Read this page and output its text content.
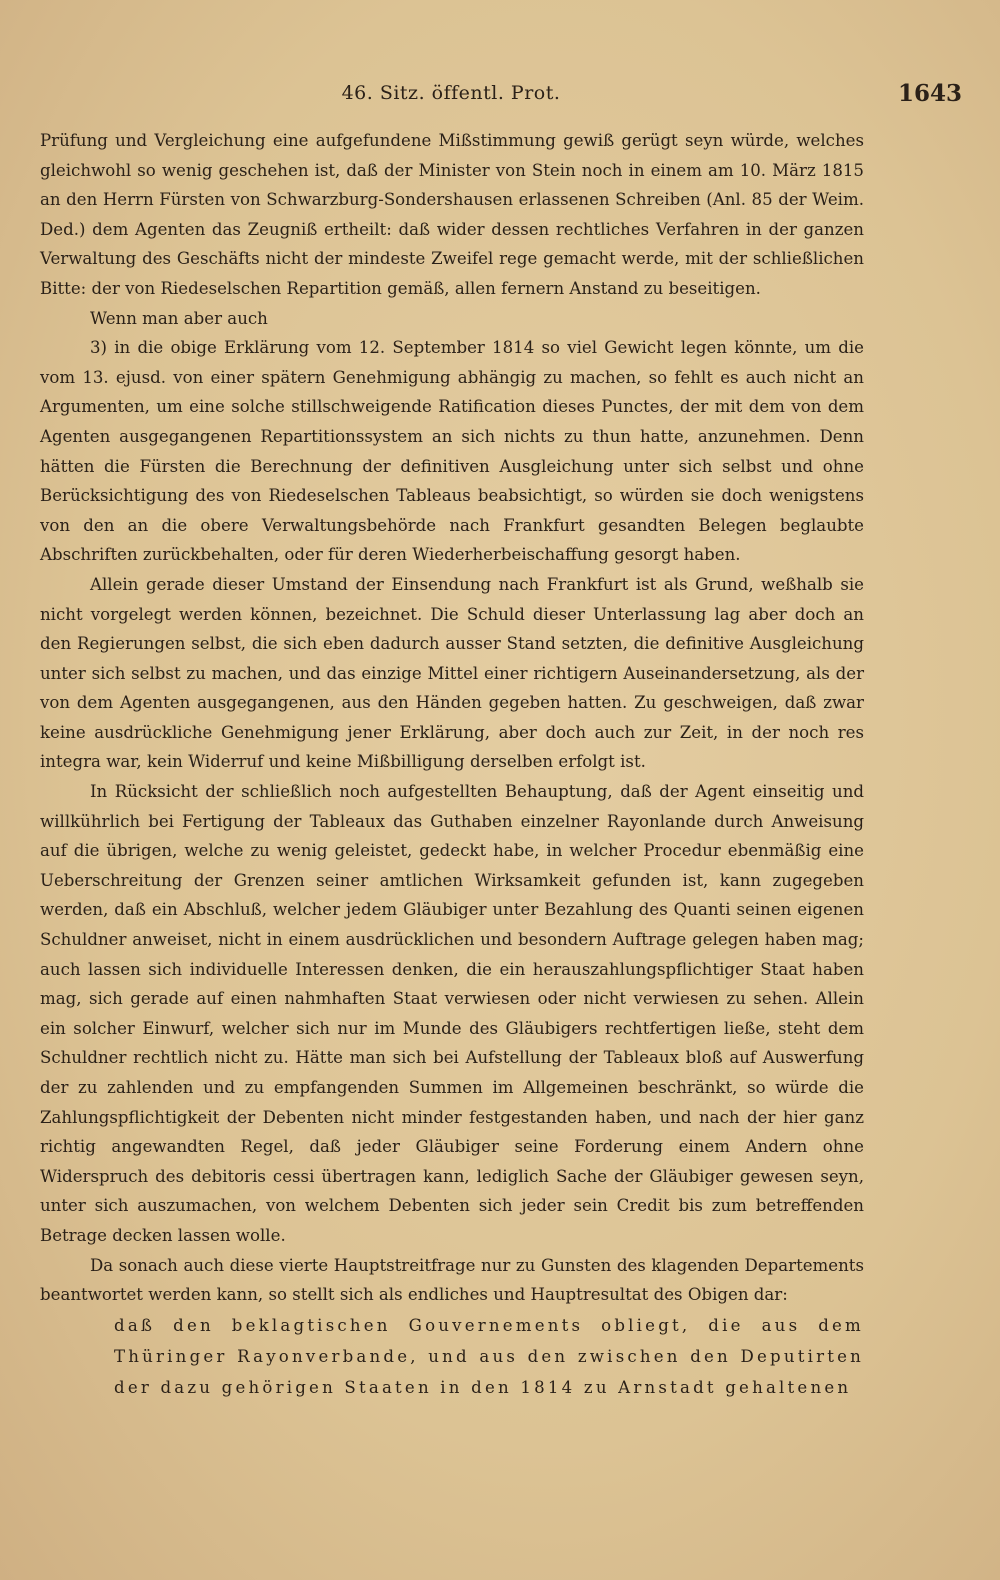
46. Sitz. öffentl. Prot.	1643

Prüfung und Vergleichung eine aufgefundene Mißstimmung gewiß gerügt seyn würde, welches gleichwohl so wenig geschehen ist, daß der Minister von Stein noch in einem am 10. März 1815 an den Herrn Fürsten von Schwarzburg-Sondershausen erlassenen Schreiben (Anl. 85 der Weim. Ded.) dem Agenten das Zeugniß ertheilt: daß wider dessen rechtliches Verfahren in der ganzen Verwaltung des Geschäfts nicht der mindeste Zweifel rege gemacht werde, mit der schließlichen Bitte: der von Riedeselschen Repartition gemäß, allen fernern Anstand zu beseitigen.

Wenn man aber auch

3) in die obige Erklärung vom 12. September 1814 so viel Gewicht legen könnte, um die vom 13. ejusd. von einer spätern Genehmigung abhängig zu machen, so fehlt es auch nicht an Argumenten, um eine solche stillschweigende Ratification dieses Punctes, der mit dem von dem Agenten ausgegangenen Repartitionssystem an sich nichts zu thun hatte, anzunehmen. Denn hätten die Fürsten die Berechnung der definitiven Ausgleichung unter sich selbst und ohne Berücksichtigung des von Riedeselschen Tableaus beabsichtigt, so würden sie doch wenigstens von den an die obere Verwaltungsbehörde nach Frankfurt gesandten Belegen beglaubte Abschriften zurückbehalten, oder für deren Wiederherbeischaffung gesorgt haben.

Allein gerade dieser Umstand der Einsendung nach Frankfurt ist als Grund, weßhalb sie nicht vorgelegt werden können, bezeichnet. Die Schuld dieser Unterlassung lag aber doch an den Regierungen selbst, die sich eben dadurch ausser Stand setzten, die definitive Ausgleichung unter sich selbst zu machen, und das einzige Mittel einer richtigern Auseinandersetzung, als der von dem Agenten ausgegangenen, aus den Händen gegeben hatten. Zu geschweigen, daß zwar keine ausdrückliche Genehmigung jener Erklärung, aber doch auch zur Zeit, in der noch res integra war, kein Widerruf und keine Mißbilligung derselben erfolgt ist.

In Rücksicht der schließlich noch aufgestellten Behauptung, daß der Agent einseitig und willkührlich bei Fertigung der Tableaux das Guthaben einzelner Rayonlande durch Anweisung auf die übrigen, welche zu wenig geleistet, gedeckt habe, in welcher Procedur ebenmäßig eine Ueberschreitung der Grenzen seiner amtlichen Wirksamkeit gefunden ist, kann zugegeben werden, daß ein Abschluß, welcher jedem Gläubiger unter Bezahlung des Quanti seinen eigenen Schuldner anweiset, nicht in einem ausdrücklichen und besondern Auftrage gelegen haben mag; auch lassen sich individuelle Interessen denken, die ein herauszahlungspflichtiger Staat haben mag, sich gerade auf einen nahmhaften Staat verwiesen oder nicht verwiesen zu sehen. Allein ein solcher Einwurf, welcher sich nur im Munde des Gläubigers rechtfertigen ließe, steht dem Schuldner rechtlich nicht zu. Hätte man sich bei Aufstellung der Tableaux bloß auf Auswerfung der zu zahlenden und zu empfangenden Summen im Allgemeinen beschränkt, so würde die Zahlungspflichtigkeit der Debenten nicht minder festgestanden haben, und nach der hier ganz richtig angewandten Regel, daß jeder Gläubiger seine Forderung einem Andern ohne Widerspruch des debitoris cessi übertragen kann, lediglich Sache der Gläubiger gewesen seyn, unter sich auszumachen, von welchem Debenten sich jeder sein Credit bis zum betreffenden Betrage decken lassen wolle.

Da sonach auch diese vierte Hauptstreitfrage nur zu Gunsten des klagenden Departements beantwortet werden kann, so stellt sich als endliches und Hauptresultat des Obigen dar:

daß den beklagtischen Gouvernements obliegt, die aus dem Thüringer Rayonverbande, und aus den zwischen den Deputirten der dazu gehörigen Staaten in den 1814 zu Arnstadt gehaltenen
